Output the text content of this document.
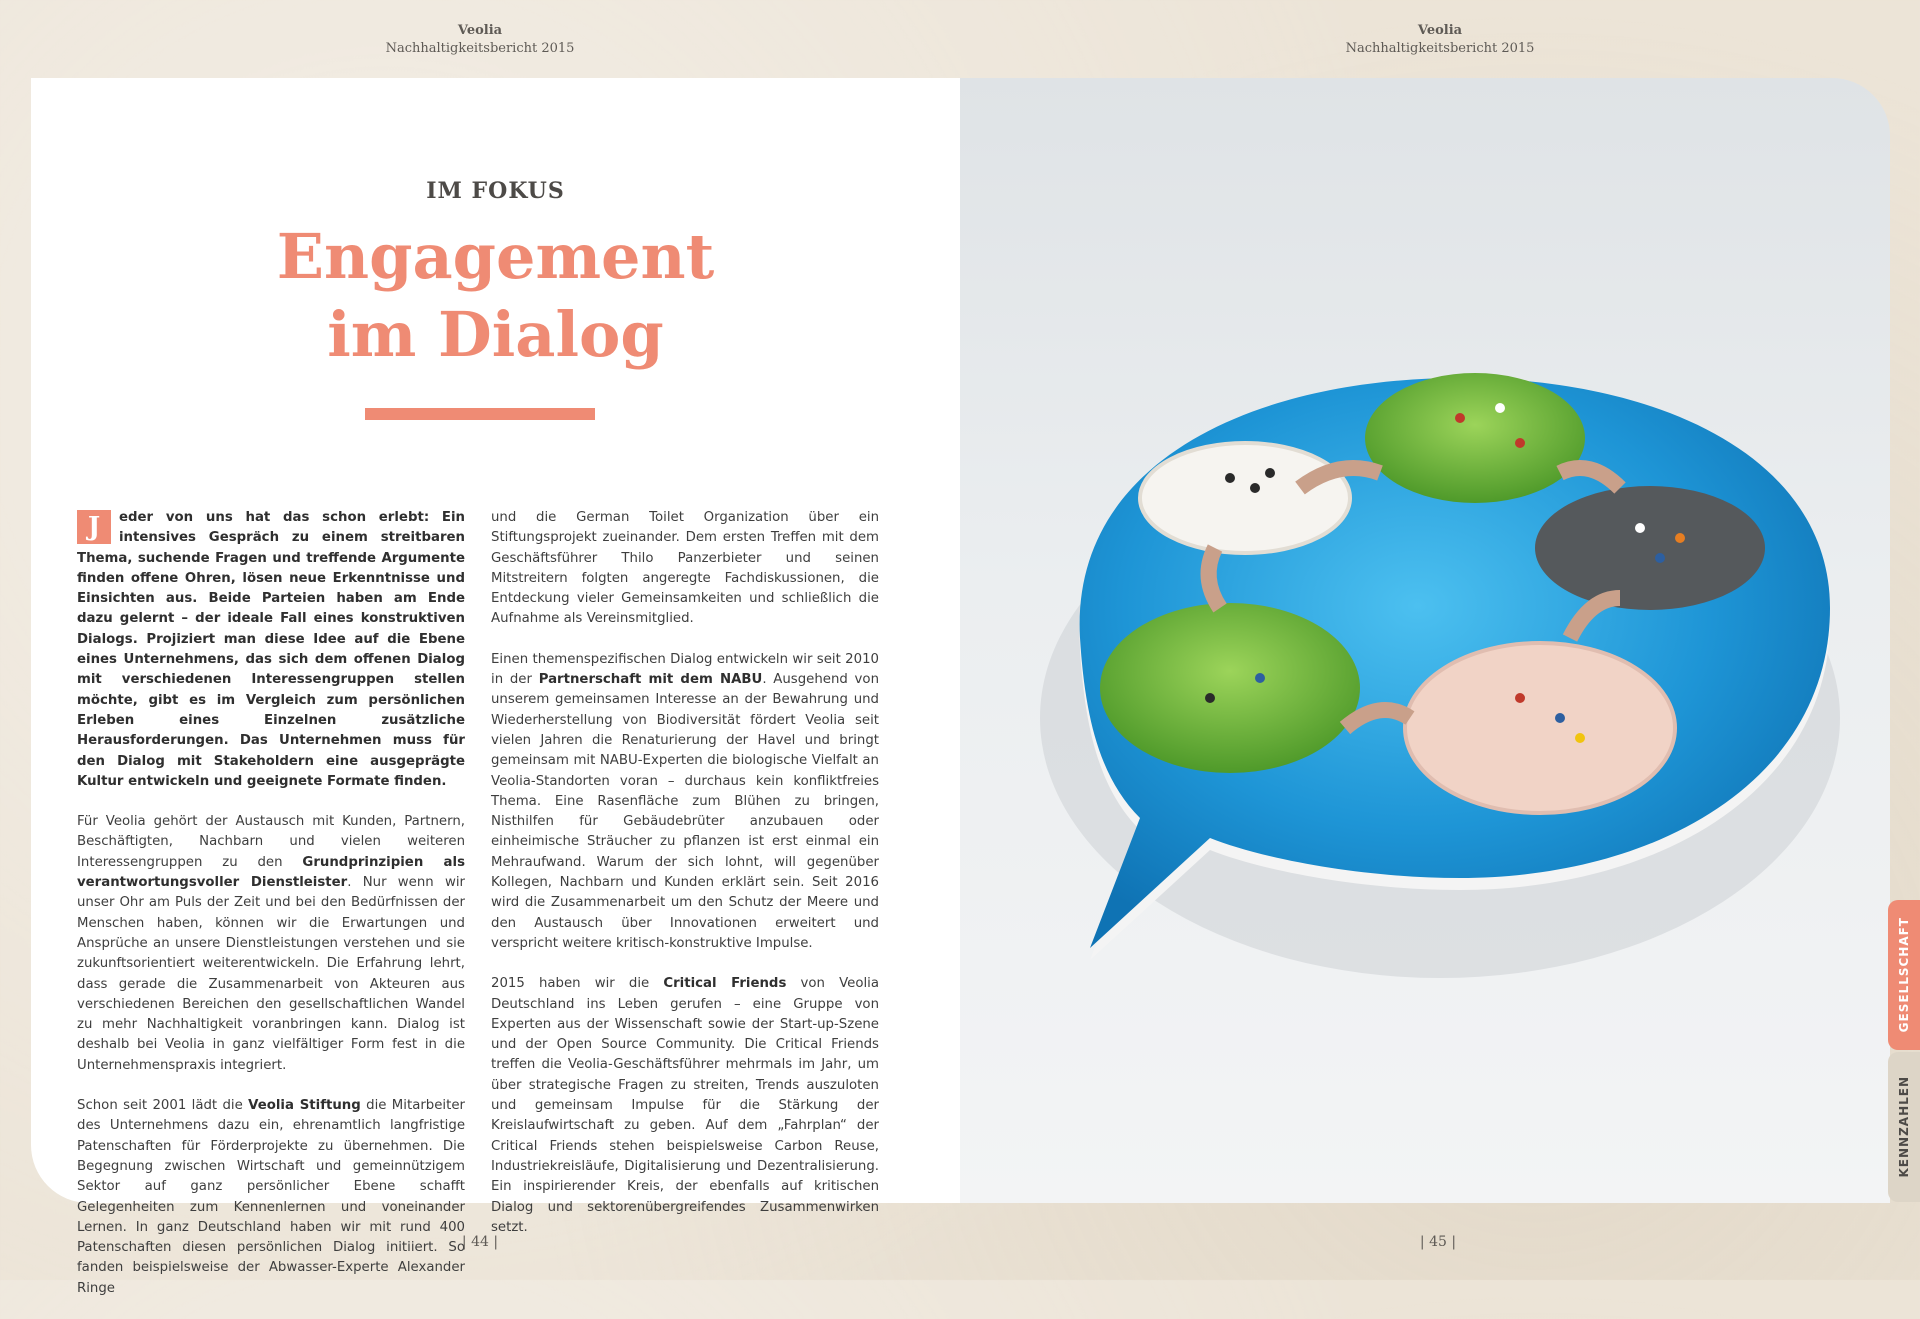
Veolia
Nachhaltigkeitsbericht 2015
Veolia
Nachhaltigkeitsbericht 2015
IM FOKUS
Engagement
im Dialog

J	eder von uns hat das schon erlebt: Ein intensives Gespräch zu einem streitbaren Thema, suchende Fragen und treffende Argumente finden offene Ohren, lösen neue Erkenntnisse und Einsichten aus. Beide Parteien haben am Ende dazu gelernt – der ideale Fall eines konstruktiven Dialogs. Projiziert man diese Idee auf die Ebene eines Unternehmens, das sich dem offenen Dialog mit verschiedenen Interessengruppen stellen möchte, gibt es im Vergleich zum persönlichen Erleben eines Einzelnen zusätzliche Herausforderungen. Das Unternehmen muss für den Dialog mit Stakeholdern eine ausgeprägte Kultur entwickeln und geeignete Formate finden.

Für Veolia gehört der Austausch mit Kunden, Partnern, Beschäftigten, Nachbarn und vielen weiteren Interessengruppen zu den Grundprinzipien als verantwortungsvoller Dienstleister. Nur wenn wir unser Ohr am Puls der Zeit und bei den Bedürfnissen der Menschen haben, können wir die Erwartungen und Ansprüche an unsere Dienstleistungen verstehen und sie zukunftsorientiert weiterentwickeln. Die Erfahrung lehrt, dass gerade die Zusammenarbeit von Akteuren aus verschiedenen Bereichen den gesellschaftlichen Wandel zu mehr Nachhaltigkeit voranbringen kann. Dialog ist deshalb bei Veolia in ganz vielfältiger Form fest in die Unternehmenspraxis integriert.

Schon seit 2001 lädt die Veolia Stiftung die Mitarbeiter des Unternehmens dazu ein, ehrenamtlich langfristige Patenschaften für Förderprojekte zu übernehmen. Die Begegnung zwischen Wirtschaft und gemeinnützigem Sektor auf ganz persönlicher Ebene schafft Gelegenheiten zum Kennenlernen und voneinander Lernen. In ganz Deutschland haben wir mit rund 400 Patenschaften diesen persönlichen Dialog initiiert. So fanden beispielsweise der Abwasser-Experte Alexander Ringe

und die German Toilet Organization über ein Stiftungsprojekt zueinander. Dem ersten Treffen mit dem Geschäftsführer Thilo Panzerbieter und seinen Mitstreitern folgten angeregte Fachdiskussionen, die Entdeckung vieler Gemeinsamkeiten und schließlich die Aufnahme als Vereinsmitglied.

Einen themenspezifischen Dialog entwickeln wir seit 2010 in der Partnerschaft mit dem NABU. Ausgehend von unserem gemeinsamen Interesse an der Bewahrung und Wiederherstellung von Biodiversität fördert Veolia seit vielen Jahren die Renaturierung der Havel und bringt gemeinsam mit NABU-Experten die biologische Vielfalt an Veolia-Standorten voran – durchaus kein konfliktfreies Thema. Eine Rasenfläche zum Blühen zu bringen, Nisthilfen für Gebäudebrüter anzubauen oder einheimische Sträucher zu pflanzen ist erst einmal ein Mehraufwand. Warum der sich lohnt, will gegenüber Kollegen, Nachbarn und Kunden erklärt sein. Seit 2016 wird die Zusammenarbeit um den Schutz der Meere und den Austausch über Innovationen erweitert und verspricht weitere kritisch-konstruktive Impulse.

2015 haben wir die Critical Friends von Veolia Deutschland ins Leben gerufen – eine Gruppe von Experten aus der Wissenschaft sowie der Start-up-Szene und der Open Source Community. Die Critical Friends treffen die Veolia-Geschäftsführer mehrmals im Jahr, um über strategische Fragen zu streiten, Trends auszuloten und gemeinsam Impulse für die Stärkung der Kreislaufwirtschaft zu geben. Auf dem „Fahrplan“ der Critical Friends stehen beispielsweise Carbon Reuse, Industriekreisläufe, Digitalisierung und Dezentralisierung. Ein inspirierender Kreis, der ebenfalls auf kritischen Dialog und sektorenübergreifendes Zusammenwirken setzt.

| 44 |	| 45 |
GESELLSCHAFT
KENNZAHLEN
